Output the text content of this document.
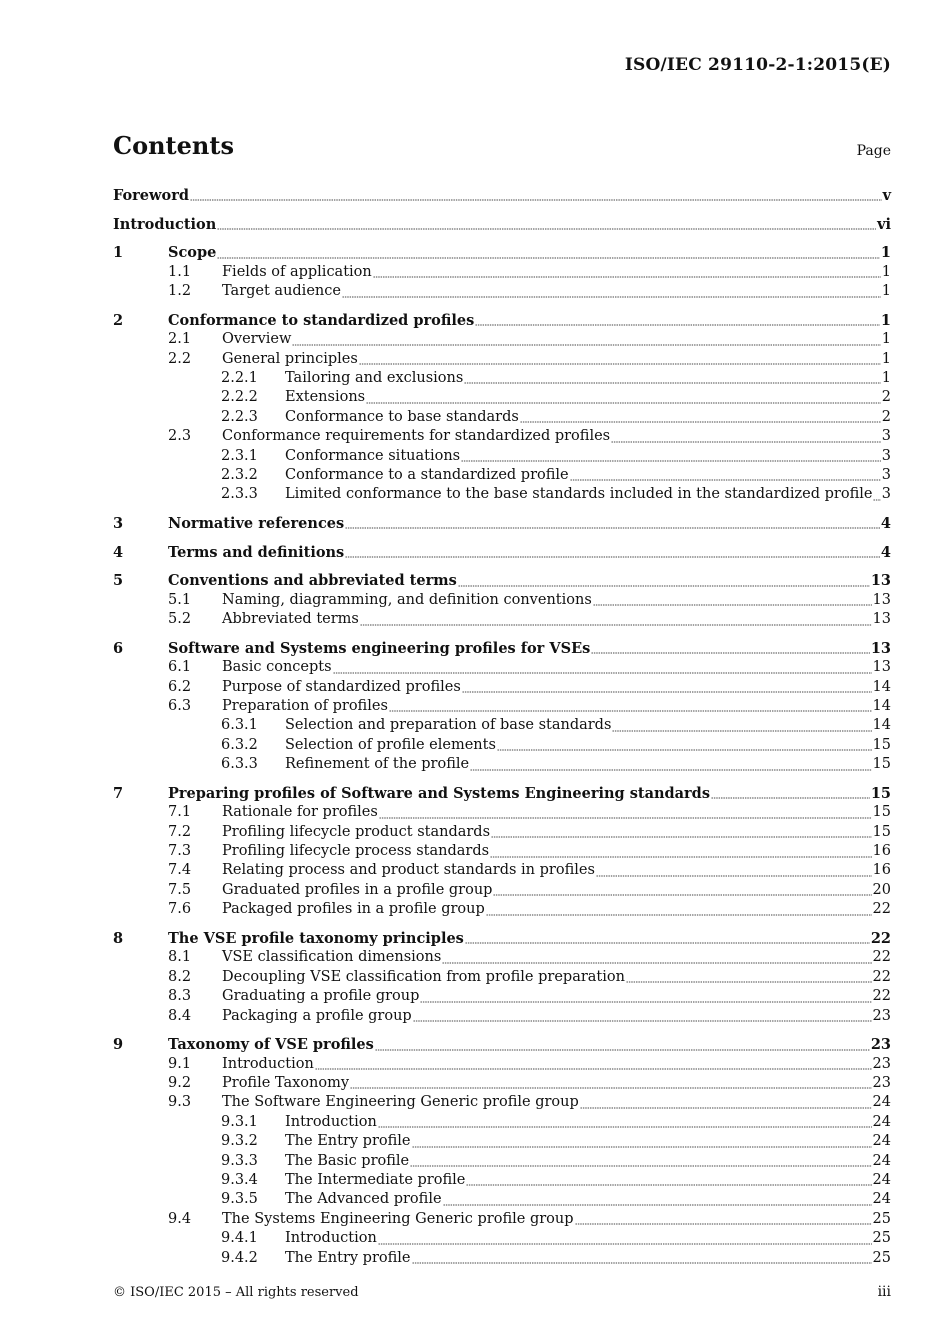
ISO/IEC 29110-2-1:2015(E)
Contents	Page
Foreword	v
Introduction	vi
1	Scope	1
1.1 Fields of application	1
1.2 Target audience	1
2	Conformance to standardized profiles	1
2.1 Overview	1
2.2 General principles	1
2.2.1 Tailoring and exclusions	1
2.2.2 Extensions	2
2.2.3 Conformance to base standards	2
2.3 Conformance requirements for standardized profiles	3
2.3.1 Conformance situations	3
2.3.2 Conformance to a standardized profile	3
2.3.3 Limited conformance to the base standards included in the standardized profile 3
3	Normative references	4
4	Terms and definitions	4
5	Conventions and abbreviated terms	13
5.1 Naming, diagramming, and definition conventions	13
5.2 Abbreviated terms	13
6	Software and Systems engineering profiles for VSEs	13
6.1 Basic concepts	13
6.2 Purpose of standardized profiles	14
6.3 Preparation of profiles	14
6.3.1 Selection and preparation of base standards	14
6.3.2 Selection of profile elements	15
6.3.3 Refinement of the profile	15
7	Preparing profiles of Software and Systems Engineering standards	15
7.1 Rationale for profiles	15
7.2 Profiling lifecycle product standards	15
7.3 Profiling lifecycle process standards	16
7.4 Relating process and product standards in profiles	16
7.5 Graduated profiles in a profile group	20
7.6 Packaged profiles in a profile group	22
8	The VSE profile taxonomy principles	22
8.1 VSE classification dimensions	22
8.2 Decoupling VSE classification from profile preparation	22
8.3 Graduating a profile group	22
8.4 Packaging a profile group	23
9	Taxonomy of VSE profiles	23
9.1 Introduction	23
9.2 Profile Taxonomy	23
9.3 The Software Engineering Generic profile group	24
9.3.1 Introduction	24
9.3.2 The Entry profile	24
9.3.3 The Basic profile	24
9.3.4 The Intermediate profile	24
9.3.5 The Advanced profile	24
9.4 The Systems Engineering Generic profile group	25
9.4.1 Introduction	25
9.4.2 The Entry profile	25
© ISO/IEC 2015 – All rights reserved	iii
